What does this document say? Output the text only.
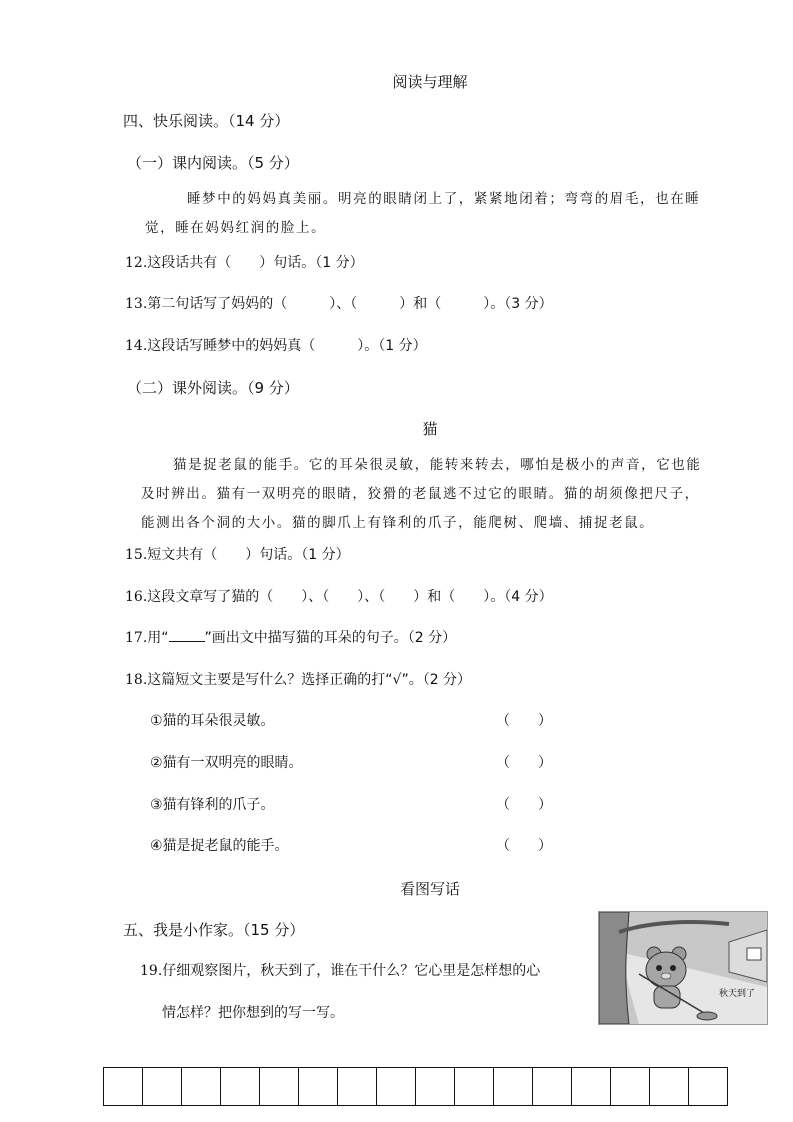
阅读与理解
四、快乐阅读。（14 分）
（一）课内阅读。（5 分）
睡梦中的妈妈真美丽。明亮的眼睛闭上了，紧紧地闭着；弯弯的眉毛，也在睡
觉，睡在妈妈红润的脸上。
12.这段话共有（　　）句话。（1 分）
13.第二句话写了妈妈的（　　　）、（　　　）和（　　　）。（3 分）
14.这段话写睡梦中的妈妈真（　　　）。（1 分）
（二）课外阅读。（9 分）
猫
猫是捉老鼠的能手。它的耳朵很灵敏，能转来转去，哪怕是极小的声音，它也能
及时辨出。猫有一双明亮的眼睛，狡猾的老鼠逃不过它的眼睛。猫的胡须像把尺子，
能测出各个洞的大小。猫的脚爪上有锋利的爪子，能爬树、爬墙、捕捉老鼠。
15.短文共有（　　）句话。（1 分）
16.这段文章写了猫的（　　）、（　　）、（　　）和（　　）。（4 分）
17.用“	”画出文中描写猫的耳朵的句子。（2 分）
18.这篇短文主要是写什么？选择正确的打“√”。（2 分）
①猫的耳朵很灵敏。	（　　）
②猫有一双明亮的眼睛。	（　　）
③猫有锋利的爪子。	（　　）
④猫是捉老鼠的能手。	（　　）
看图写话
五、我是小作家。（15 分）
19.仔细观察图片，秋天到了，谁在干什么？它心里是怎样想的心
情怎样？把你想到的写一写。
秋天到了
